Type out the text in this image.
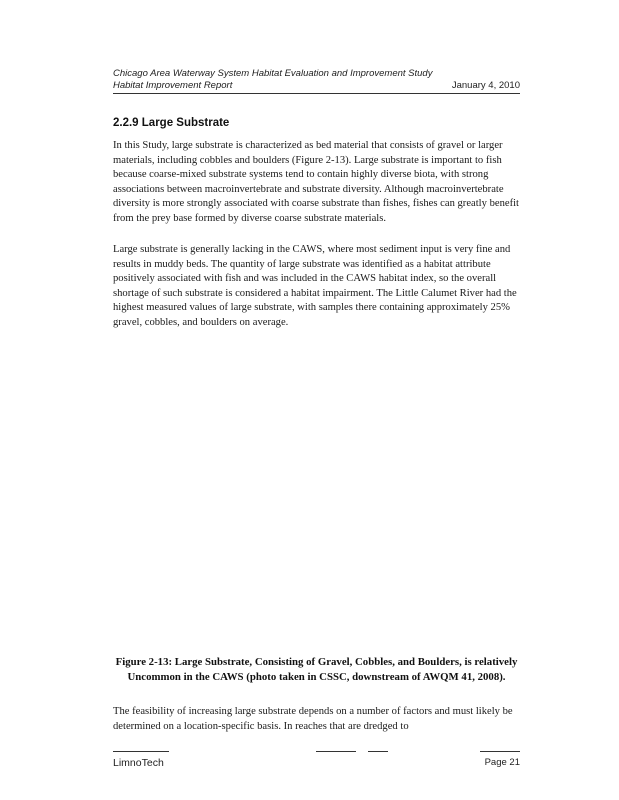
Chicago Area Waterway System Habitat Evaluation and Improvement Study
Habitat Improvement Report	January 4, 2010
2.2.9 Large Substrate

In this Study, large substrate is characterized as bed material that consists of gravel or larger materials, including cobbles and boulders (Figure 2-13). Large substrate is important to fish because coarse-mixed substrate systems tend to contain highly diverse biota, with strong associations between macroinvertebrate and substrate diversity. Although macroinvertebrate diversity is more strongly associated with coarse substrate than fishes, fishes can greatly benefit from the prey base formed by diverse coarse substrate materials.

Large substrate is generally lacking in the CAWS, where most sediment input is very fine and results in muddy beds. The quantity of large substrate was identified as a habitat attribute positively associated with fish and was included in the CAWS habitat index, so the overall shortage of such substrate is considered a habitat impairment. The Little Calumet River had the highest measured values of large substrate, with samples there containing approximately 25% gravel, cobbles, and boulders on average.

Figure 2-13: Large Substrate, Consisting of Gravel, Cobbles, and Boulders, is relatively Uncommon in the CAWS (photo taken in CSSC, downstream of AWQM 41, 2008).

The feasibility of increasing large substrate depends on a number of factors and must likely be determined on a location-specific basis. In reaches that are dredged to

LimnoTech	Page 21
